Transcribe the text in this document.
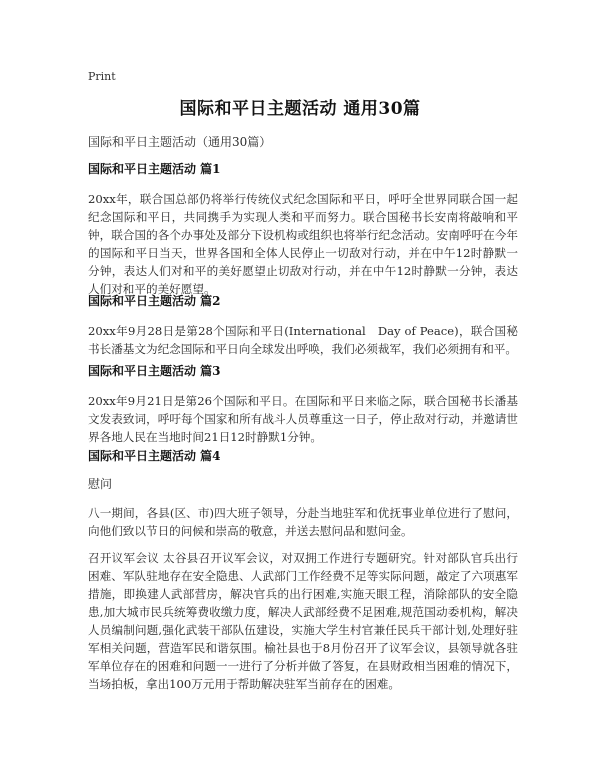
Print
国际和平日主题活动 通用30篇
国际和平日主题活动（通用30篇）
国际和平日主题活动 篇1

20xx年，联合国总部仍将举行传统仪式纪念国际和平日，呼吁全世界同联合国一起纪念国际和平日，共同携手为实现人类和平而努力。联合国秘书长安南将敲响和平钟，联合国的各个办事处及部分下设机构或组织也将举行纪念活动。安南呼吁在今年的国际和平日当天，世界各国和全体人民停止一切敌对行动，并在中午12时静默一分钟，表达人们对和平的美好愿望止切敌对行动，并在中午12时静默一分钟，表达人们对和平的美好愿望。

国际和平日主题活动 篇2

20xx年9月28日是第28个国际和平日(International　Day of Peace)，联合国秘书长潘基文为纪念国际和平日向全球发出呼唤，我们必须裁军，我们必须拥有和平。

国际和平日主题活动 篇3

20xx年9月21日是第26个国际和平日。在国际和平日来临之际，联合国秘书长潘基文发表致词，呼吁每个国家和所有战斗人员尊重这一日子，停止敌对行动，并邀请世界各地人民在当地时间21日12时静默1分钟。

国际和平日主题活动 篇4
慰问

八一期间，各县(区、市)四大班子领导，分赴当地驻军和优抚事业单位进行了慰问，向他们致以节日的问候和崇高的敬意，并送去慰问品和慰问金。

召开议军会议 太谷县召开议军会议，对双拥工作进行专题研究。针对部队官兵出行困难、军队驻地存在安全隐患、人武部门工作经费不足等实际问题，敲定了六项惠军措施，即换建人武部营房，解决官兵的出行困难,实施天眼工程，消除部队的安全隐患,加大城市民兵统筹费收缴力度，解决人武部经费不足困难,规范国动委机构，解决人员编制问题,强化武装干部队伍建设，实施大学生村官兼任民兵干部计划,处理好驻军相关问题，营造军民和谐氛围。榆社县也于8月份召开了议军会议，县领导就各驻军单位存在的困难和问题一一进行了分析并做了答复，在县财政相当困难的情况下，当场拍板，拿出100万元用于帮助解决驻军当前存在的困难。
